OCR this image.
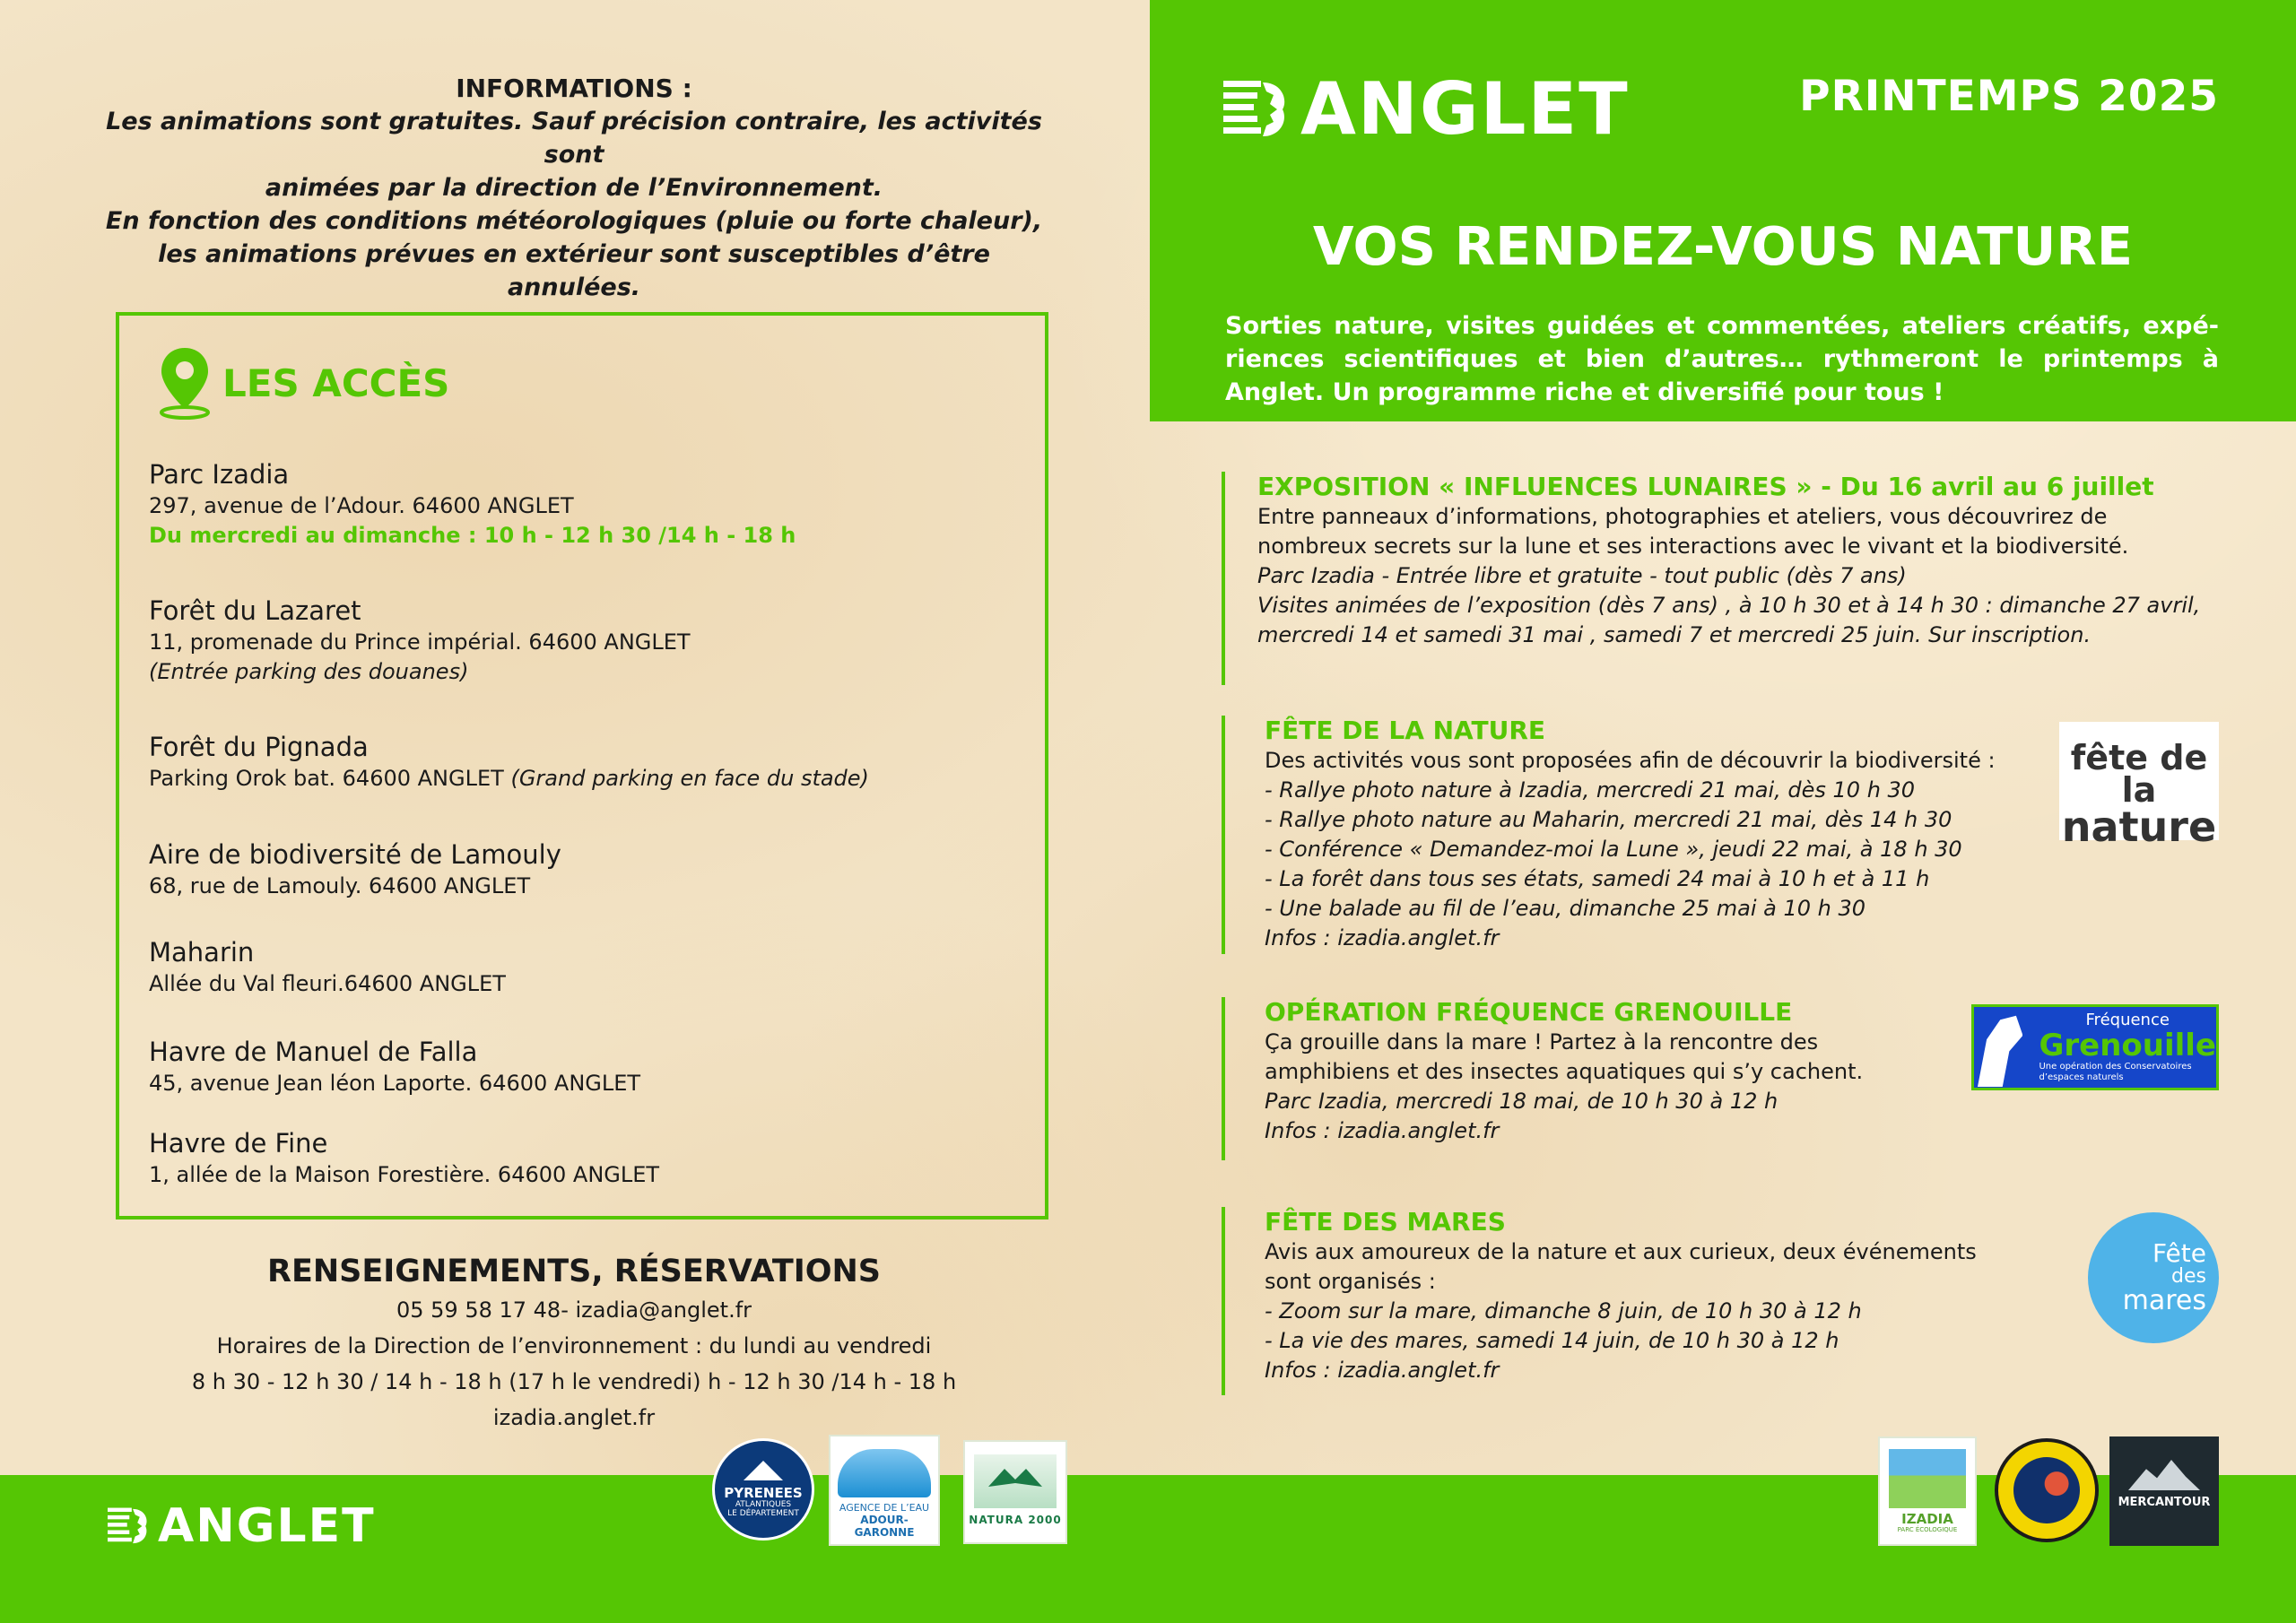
ANGLET	PRINTEMPS 2025
VOS RENDEZ-VOUS NATURE
Sorties nature, visites guidées et commentées, ateliers créatifs, expé- riences scientifiques et bien d’autres… rythmeront le printemps à Anglet. Un programme riche et diversifié pour tous !
INFORMATIONS :
Les animations sont gratuites. Sauf précision contraire, les activités sont
animées par la direction de l’Environnement.
En fonction des conditions météorologiques (pluie ou forte chaleur),
les animations prévues en extérieur sont susceptibles d’être annulées.
LES ACCÈS
Parc Izadia
297, avenue de l’Adour. 64600 ANGLET
Du mercredi au dimanche : 10 h - 12 h 30 /14 h - 18 h
Forêt du Lazaret
11, promenade du Prince impérial. 64600 ANGLET
(Entrée parking des douanes)
Forêt du Pignada
Parking Orok bat. 64600 ANGLET (Grand parking en face du stade)
Aire de biodiversité de Lamouly
68, rue de Lamouly. 64600 ANGLET
Maharin
Allée du Val fleuri.64600 ANGLET
Havre de Manuel de Falla
45, avenue Jean léon Laporte. 64600 ANGLET
Havre de Fine
1, allée de la Maison Forestière. 64600 ANGLET
RENSEIGNEMENTS, RÉSERVATIONS
05 59 58 17 48- izadia@anglet.fr
Horaires de la Direction de l’environnement : du lundi au vendredi
8 h 30 - 12 h 30 / 14 h - 18 h (17 h le vendredi) h - 12 h 30 /14 h - 18 h
izadia.anglet.fr
EXPOSITION « INFLUENCES LUNAIRES » - Du 16 avril au 6 juillet
Entre panneaux d’informations, photographies et ateliers, vous découvrirez de
nombreux secrets sur la lune et ses interactions avec le vivant et la biodiversité.
Parc Izadia - Entrée libre et gratuite - tout public (dès 7 ans)
Visites animées de l’exposition (dès 7 ans) , à 10 h 30 et à 14 h 30 : dimanche 27 avril,
mercredi 14 et samedi 31 mai , samedi 7 et mercredi 25 juin. Sur inscription.
FÊTE DE LA NATURE
Des activités vous sont proposées afin de découvrir la biodiversité :
- Rallye photo nature à Izadia, mercredi 21 mai, dès 10 h 30
- Rallye photo nature au Maharin, mercredi 21 mai, dès 14 h 30
- Conférence « Demandez-moi la Lune », jeudi 22 mai, à 18 h 30
- La forêt dans tous ses états, samedi 24 mai à 10 h et à 11 h
- Une balade au fil de l’eau, dimanche 25 mai à 10 h 30
Infos : izadia.anglet.fr
OPÉRATION FRÉQUENCE GRENOUILLE
Ça grouille dans la mare ! Partez à la rencontre des
amphibiens et des insectes aquatiques qui s’y cachent.
Parc Izadia, mercredi 18 mai, de 10 h 30 à 12 h
Infos : izadia.anglet.fr
FÊTE DES MARES
Avis aux amoureux de la nature et aux curieux, deux événements
sont organisés :
- Zoom sur la mare, dimanche 8 juin, de 10 h 30 à 12 h
- La vie des mares, samedi 14 juin, de 10 h 30 à 12 h
Infos : izadia.anglet.fr
fête de la
nature
Fréquence
Grenouille
Une opération des Conservatoires d’espaces naturels
Fête
des
mares
ANGLET
PYRENEES
ATLANTIQUES
LE DÉPARTEMENT	AGENCE DE L’EAU
ADOUR-GARONNE
NATURA 2000	IZADIA
PARC ÉCOLOGIQUE
MERCANTOUR
